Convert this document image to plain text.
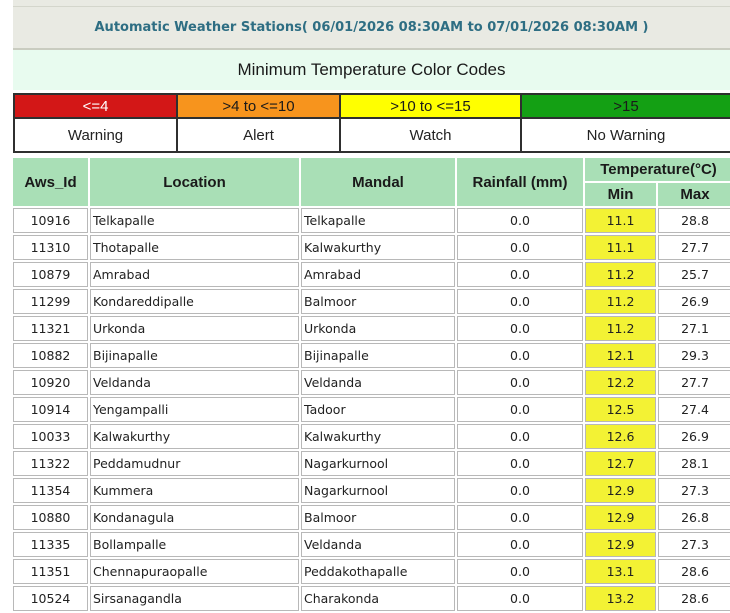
Automatic Weather Stations( 06/01/2026 08:30AM to 07/01/2026 08:30AM )
Minimum Temperature Color Codes
<=4	>4 to <=10	>10 to <=15	>15
Warning	Alert	Watch	No Warning
Aws_Id	Location	Mandal	Rainfall (mm)	Temperature(°C)	
				Min	Max
10916	Telkapalle	Telkapalle	0.0	11.1	28.8
11310	Thotapalle	Kalwakurthy	0.0	11.1	27.7
10879	Amrabad	Amrabad	0.0	11.2	25.7
11299	Kondareddipalle	Balmoor	0.0	11.2	26.9
11321	Urkonda	Urkonda	0.0	11.2	27.1
10882	Bijinapalle	Bijinapalle	0.0	12.1	29.3
10920	Veldanda	Veldanda	0.0	12.2	27.7
10914	Yengampalli	Tadoor	0.0	12.5	27.4
10033	Kalwakurthy	Kalwakurthy	0.0	12.6	26.9
11322	Peddamudnur	Nagarkurnool	0.0	12.7	28.1
11354	Kummera	Nagarkurnool	0.0	12.9	27.3
10880	Kondanagula	Balmoor	0.0	12.9	26.8
11335	Bollampalle	Veldanda	0.0	12.9	27.3
11351	Chennapuraopalle	Peddakothapalle	0.0	13.1	28.6
10524	Sirsanagandla	Charakonda	0.0	13.2	28.6
